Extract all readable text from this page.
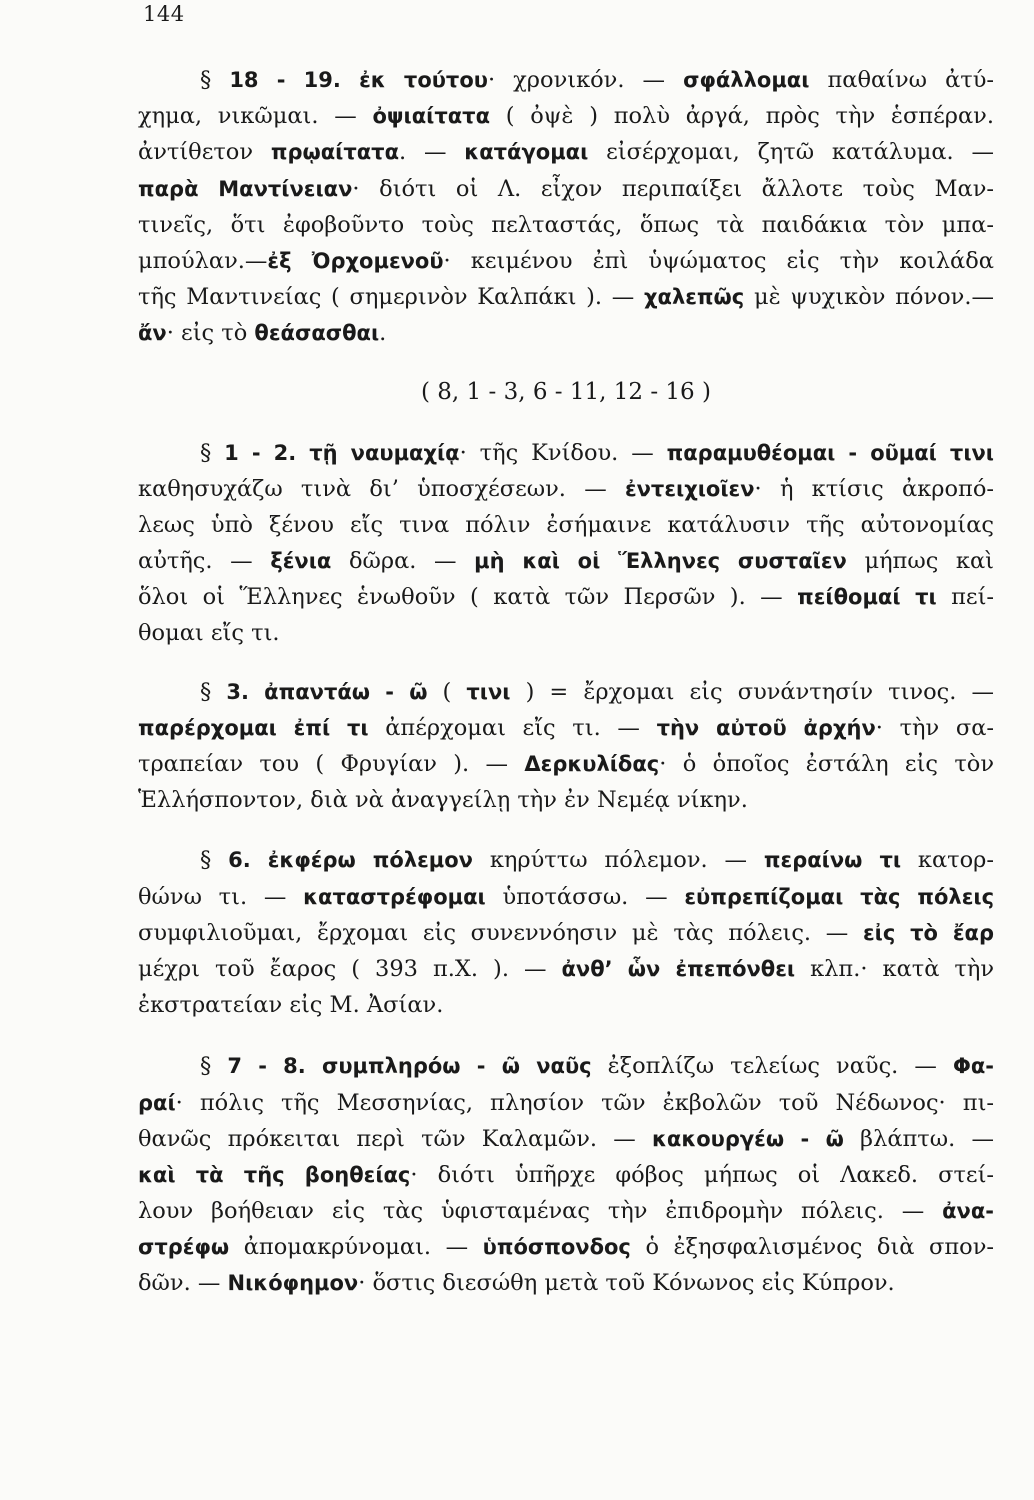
144
§ 18 - 19. ἐκ τούτου· χρονικόν. — σφάλλομαι παθαίνω ἀτύ-
χημα, νικῶμαι. — ὀψιαίτατα ( ὀψὲ ) πολὺ ἀργά, πρὸς τὴν ἑσπέραν.
ἀντίθετον πρῳαίτατα. — κατάγομαι εἰσέρχομαι, ζητῶ κατάλυμα. —
παρὰ Μαντίνειαν· διότι οἱ Λ. εἶχον περιπαίξει ἄλλοτε τοὺς Μαν-
τινεῖς, ὅτι ἐφοβοῦντο τοὺς πελταστάς, ὅπως τὰ παιδάκια τὸν μπα-
μπούλαν.—ἐξ Ὀρχομενοῦ· κειμένου ἐπὶ ὑψώματος εἰς τὴν κοιλάδα
τῆς Μαντινείας ( σημερινὸν Καλπάκι ). — χαλεπῶς μὲ ψυχικὸν πόνον.—
ἄν· εἰς τὸ θεάσασθαι.
( 8, 1 - 3, 6 - 11, 12 - 16 )
§ 1 - 2. τῇ ναυμαχίᾳ· τῆς Κνίδου. — παραμυθέομαι - οῦμαί τινι
καθησυχάζω τινὰ δι’ ὑποσχέσεων. — ἐντειχιοῖεν· ἡ κτίσις ἀκροπό-
λεως ὑπὸ ξένου εἴς τινα πόλιν ἐσήμαινε κατάλυσιν τῆς αὐτονομίας
αὐτῆς. — ξένια δῶρα. — μὴ καὶ οἱ Ἕλληνες συσταῖεν μήπως καὶ
ὅλοι οἱ Ἕλληνες ἑνωθοῦν ( κατὰ τῶν Περσῶν ). — πείθομαί τι πεί-
θομαι εἴς τι.
§ 3. ἀπαντάω - ῶ ( τινι ) = ἔρχομαι εἰς συνάντησίν τινος. —
παρέρχομαι ἐπί τι ἀπέρχομαι εἴς τι. — τὴν αὐτοῦ ἀρχήν· τὴν σα-
τραπείαν του ( Φρυγίαν ). — Δερκυλίδας· ὁ ὁποῖος ἐστάλη εἰς τὸν
Ἑλλήσποντον, διὰ νὰ ἀναγγείλῃ τὴν ἐν Νεμέᾳ νίκην.
§ 6. ἐκφέρω πόλεμον κηρύττω πόλεμον. — περαίνω τι κατορ-
θώνω τι. — καταστρέφομαι ὑποτάσσω. — εὐπρεπίζομαι τὰς πόλεις
συμφιλιοῦμαι, ἔρχομαι εἰς συνεννόησιν μὲ τὰς πόλεις. — εἰς τὸ ἔαρ
μέχρι τοῦ ἔαρος ( 393 π.Χ. ). — ἀνθ’ ὧν ἐπεπόνθει κλπ.· κατὰ τὴν
ἐκστρατείαν εἰς Μ. Ἀσίαν.
§ 7 - 8. συμπληρόω - ῶ ναῦς ἐξοπλίζω τελείως ναῦς. — Φα-
ραί· πόλις τῆς Μεσσηνίας, πλησίον τῶν ἐκβολῶν τοῦ Νέδωνος· πι-
θανῶς πρόκειται περὶ τῶν Καλαμῶν. — κακουργέω - ῶ βλάπτω. —
καὶ τὰ τῆς βοηθείας· διότι ὑπῆρχε φόβος μήπως οἱ Λακεδ. στεί-
λουν βοήθειαν εἰς τὰς ὑφισταμένας τὴν ἐπιδρομὴν πόλεις. — ἀνα-
στρέφω ἀπομακρύνομαι. — ὑπόσπονδος ὁ ἐξησφαλισμένος διὰ σπον-
δῶν. — Νικόφημον· ὅστις διεσώθη μετὰ τοῦ Κόνωνος εἰς Κύπρον.
